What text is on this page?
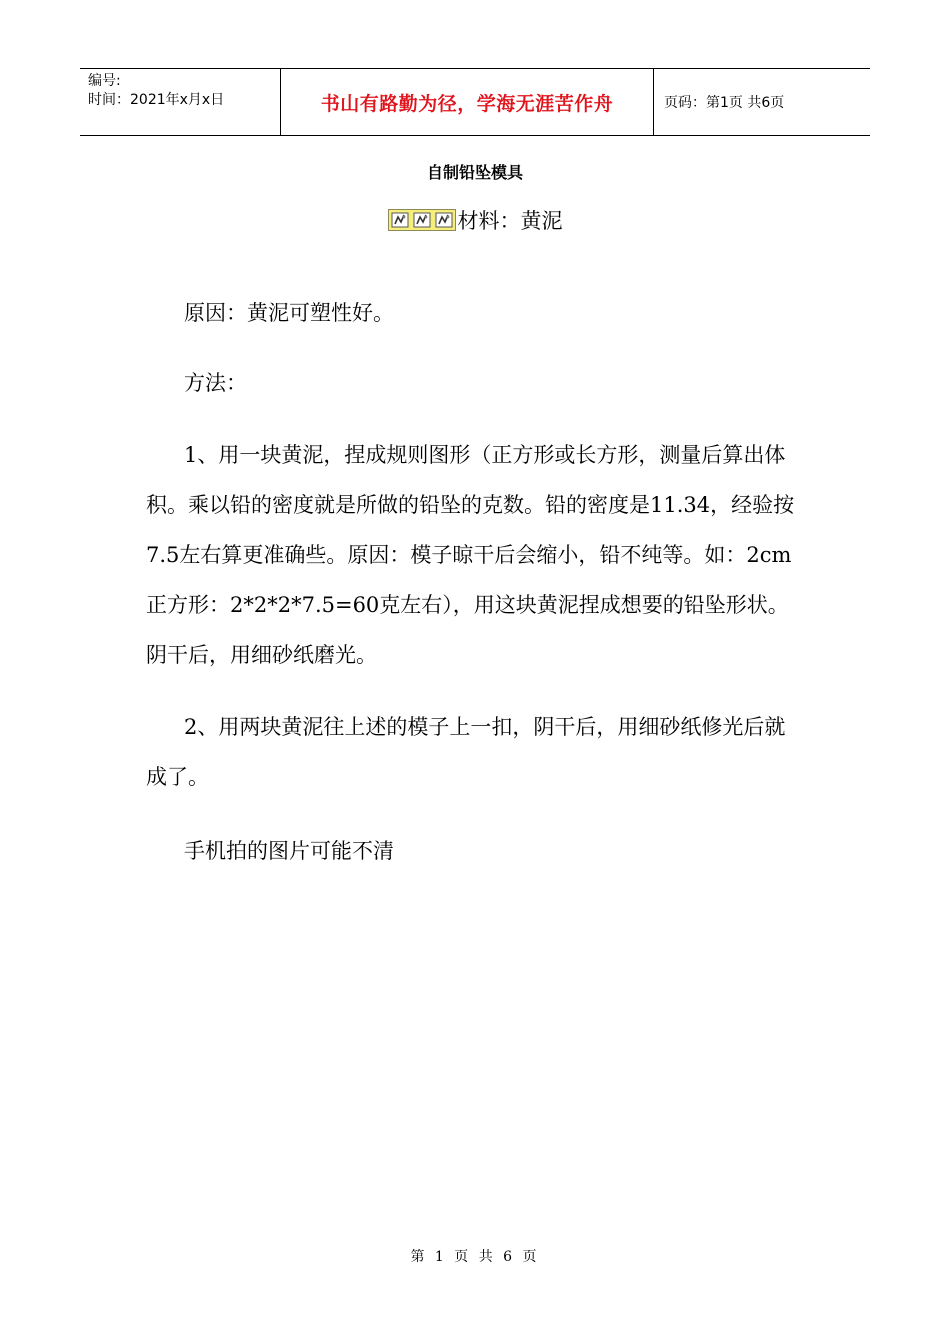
编号:
时间：2021年x月x日	书山有路勤为径，学海无涯苦作舟	页码：第1页 共6页
自制铅坠模具
材料：黄泥

原因：黄泥可塑性好。

方法：

1、用一块黄泥，捏成规则图形（正方形或长方形，测量后算出体积。乘以铅的密度就是所做的铅坠的克数。铅的密度是11.34，经验按7.5左右算更准确些。原因：模子晾干后会缩小，铅不纯等。如：2cm正方形：2*2*2*7.5=60克左右），用这块黄泥捏成想要的铅坠形状。阴干后，用细砂纸磨光。

2、用两块黄泥往上述的模子上一扣，阴干后，用细砂纸修光后就成了。

手机拍的图片可能不清

第 1 页 共 6 页
